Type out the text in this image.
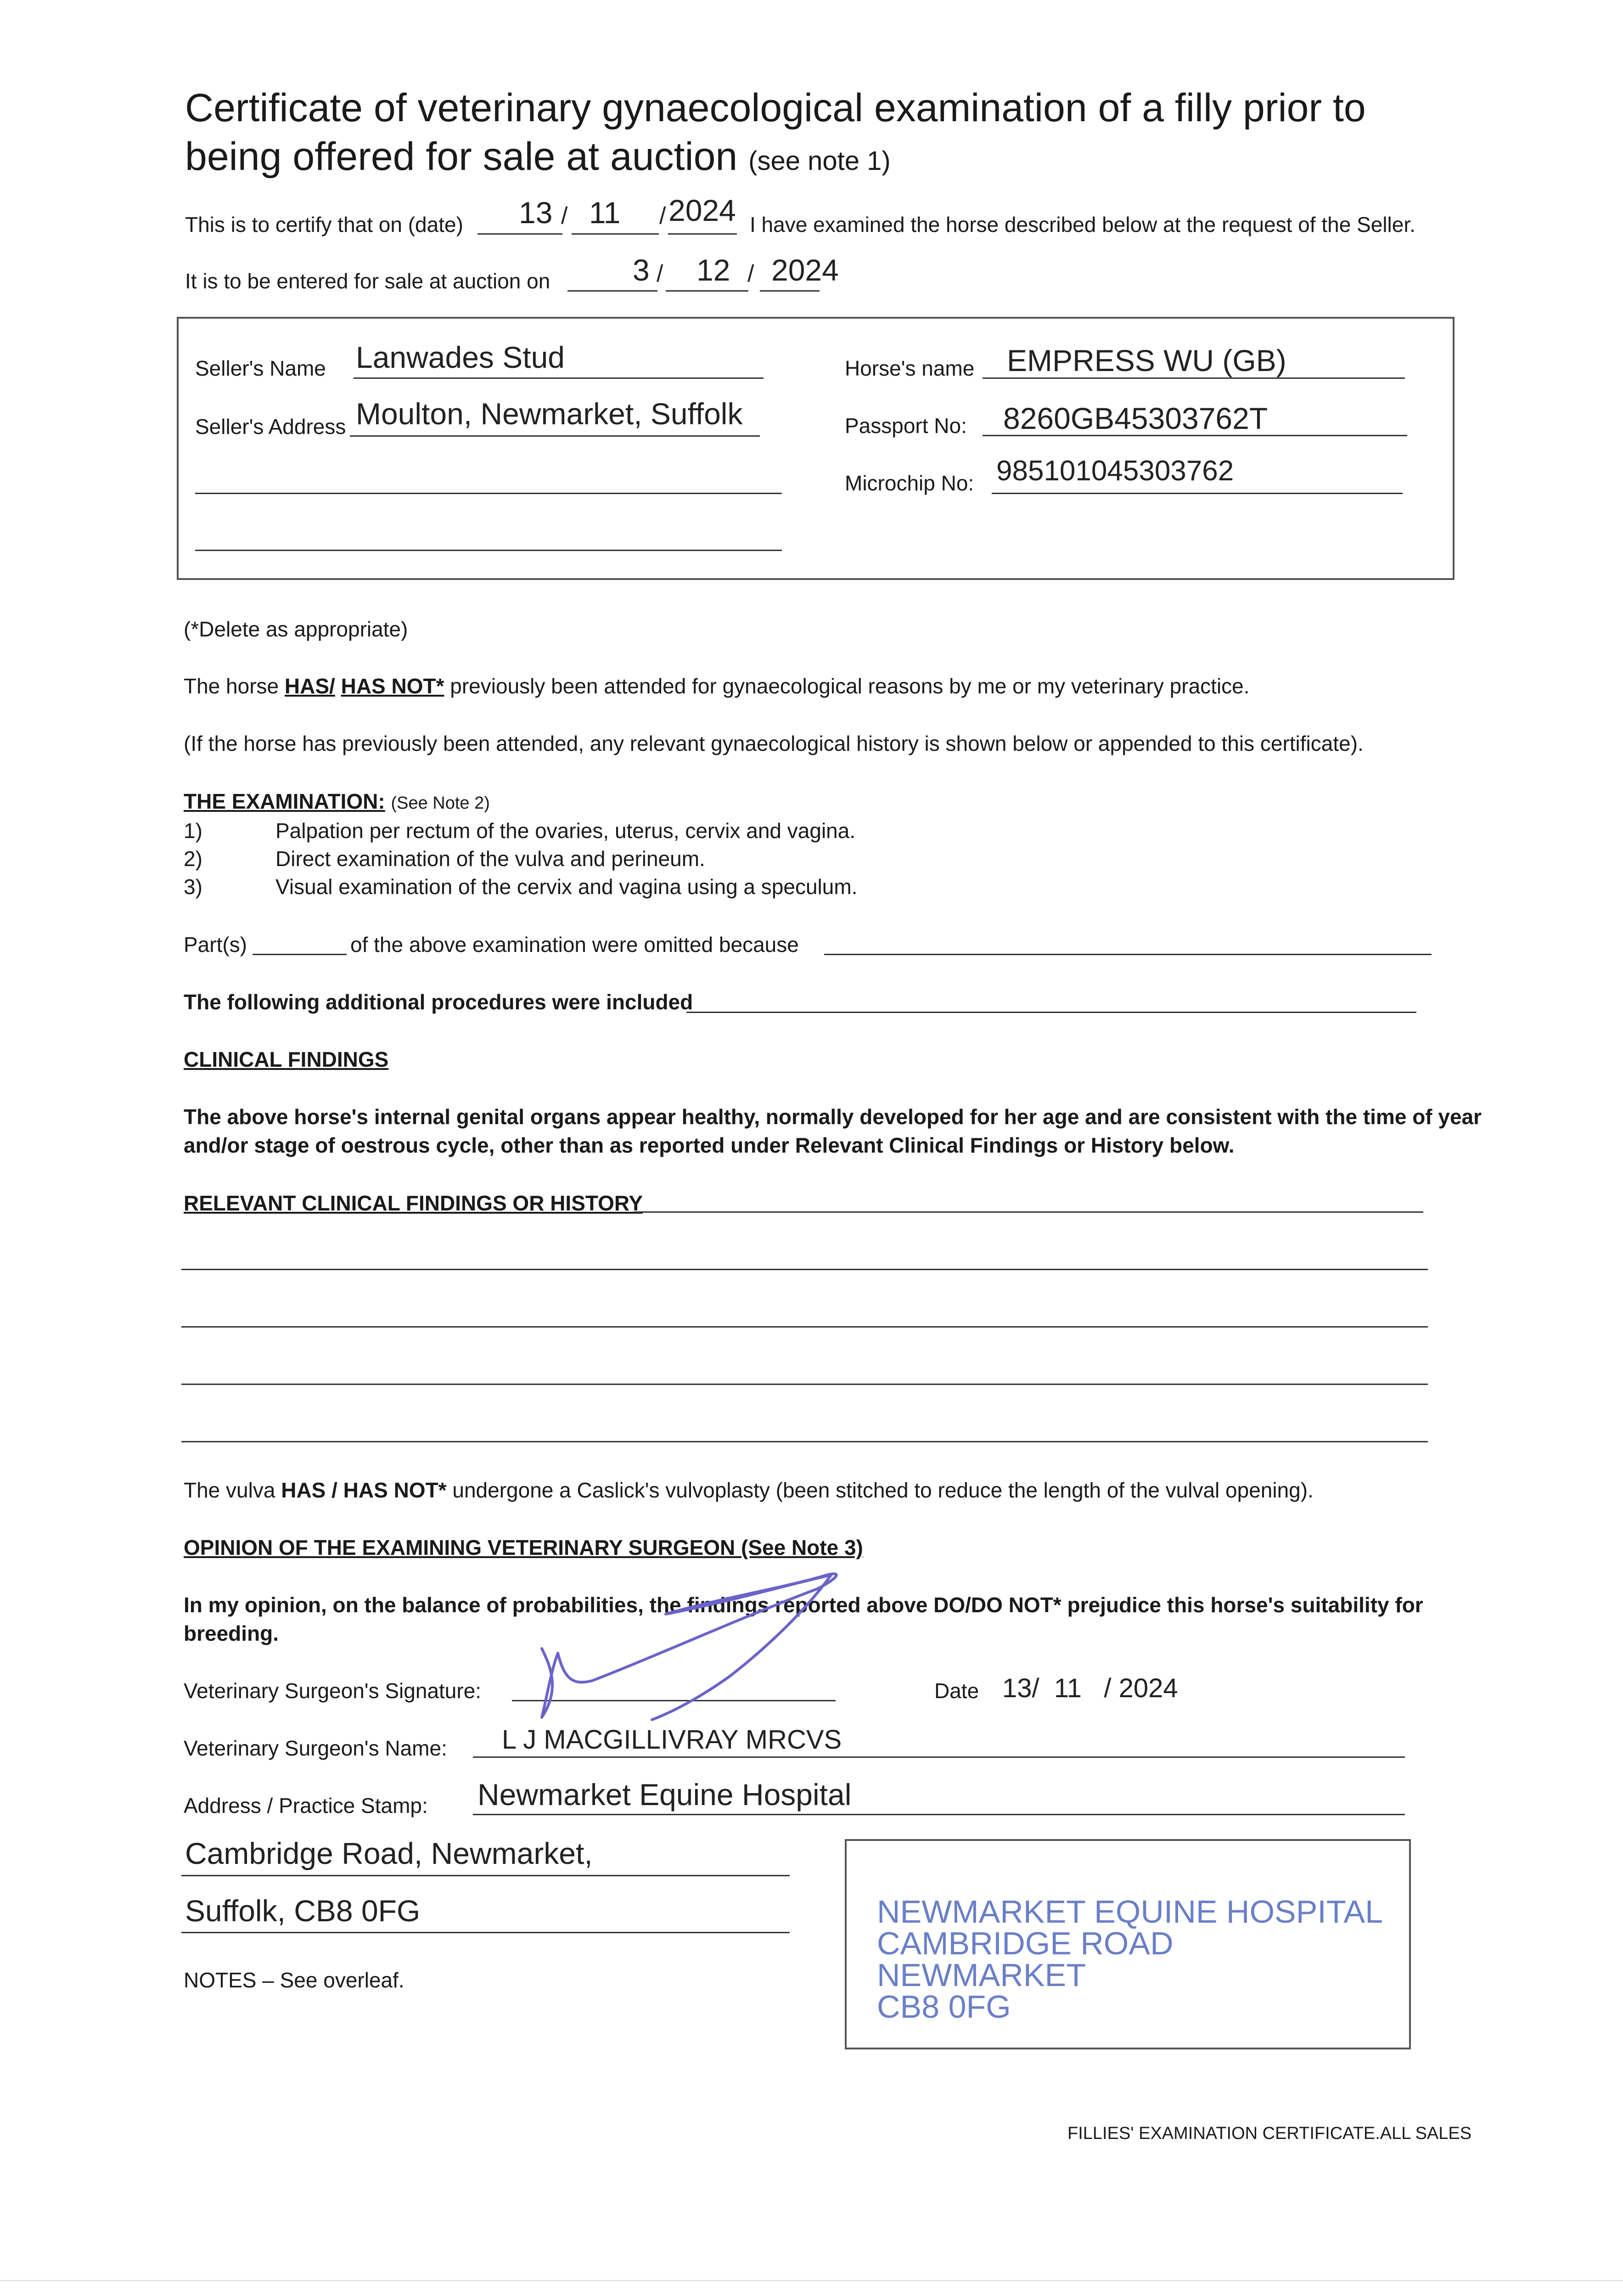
Certificate of veterinary gynaecological examination of a filly prior to
being offered for sale at auction (see note 1)
This is to certify that on (date) 13 / 11 / 2024 I have examined the horse described below at the request of the Seller.
It is to be entered for sale at auction on	3 / 12 / 2024
Seller's Name Lanwades Stud
Seller's Address Moulton, Newmarket, Suffolk
Horse's name EMPRESS WU (GB)
Passport No: 8260GB45303762T
Microchip No: 985101045303762
(*Delete as appropriate)
The horse HAS/ HAS NOT* previously been attended for gynaecological reasons by me or my veterinary practice.
(If the horse has previously been attended, any relevant gynaecological history is shown below or appended to this certificate).
THE EXAMINATION: (See Note 2)
1)	Palpation per rectum of the ovaries, uterus, cervix and vagina.
2)	Direct examination of the vulva and perineum.
3)	Visual examination of the cervix and vagina using a speculum.
Part(s)	of the above examination were omitted because
The following additional procedures were included
CLINICAL FINDINGS
The above horse's internal genital organs appear healthy, normally developed for her age and are consistent with the time of year
and/or stage of oestrous cycle, other than as reported under Relevant Clinical Findings or History below.
RELEVANT CLINICAL FINDINGS OR HISTORY
The vulva HAS / HAS NOT* undergone a Caslick's vulvoplasty (been stitched to reduce the length of the vulval opening).
OPINION OF THE EXAMINING VETERINARY SURGEON (See Note 3)
In my opinion, on the balance of probabilities, the findings reported above DO/DO NOT* prejudice this horse's suitability for
breeding.
Veterinary Surgeon's Signature:	Date 13/  11   / 2024
Veterinary Surgeon's Name: L J MACGILLIVRAY MRCVS
Address / Practice Stamp: Newmarket Equine Hospital
Cambridge Road, Newmarket,
Suffolk, CB8 0FG	NEWMARKET EQUINE HOSPITAL
CAMBRIDGE ROAD
NEWMARKET
CB8 0FG
NOTES – See overleaf.
FILLIES' EXAMINATION CERTIFICATE.ALL SALES
